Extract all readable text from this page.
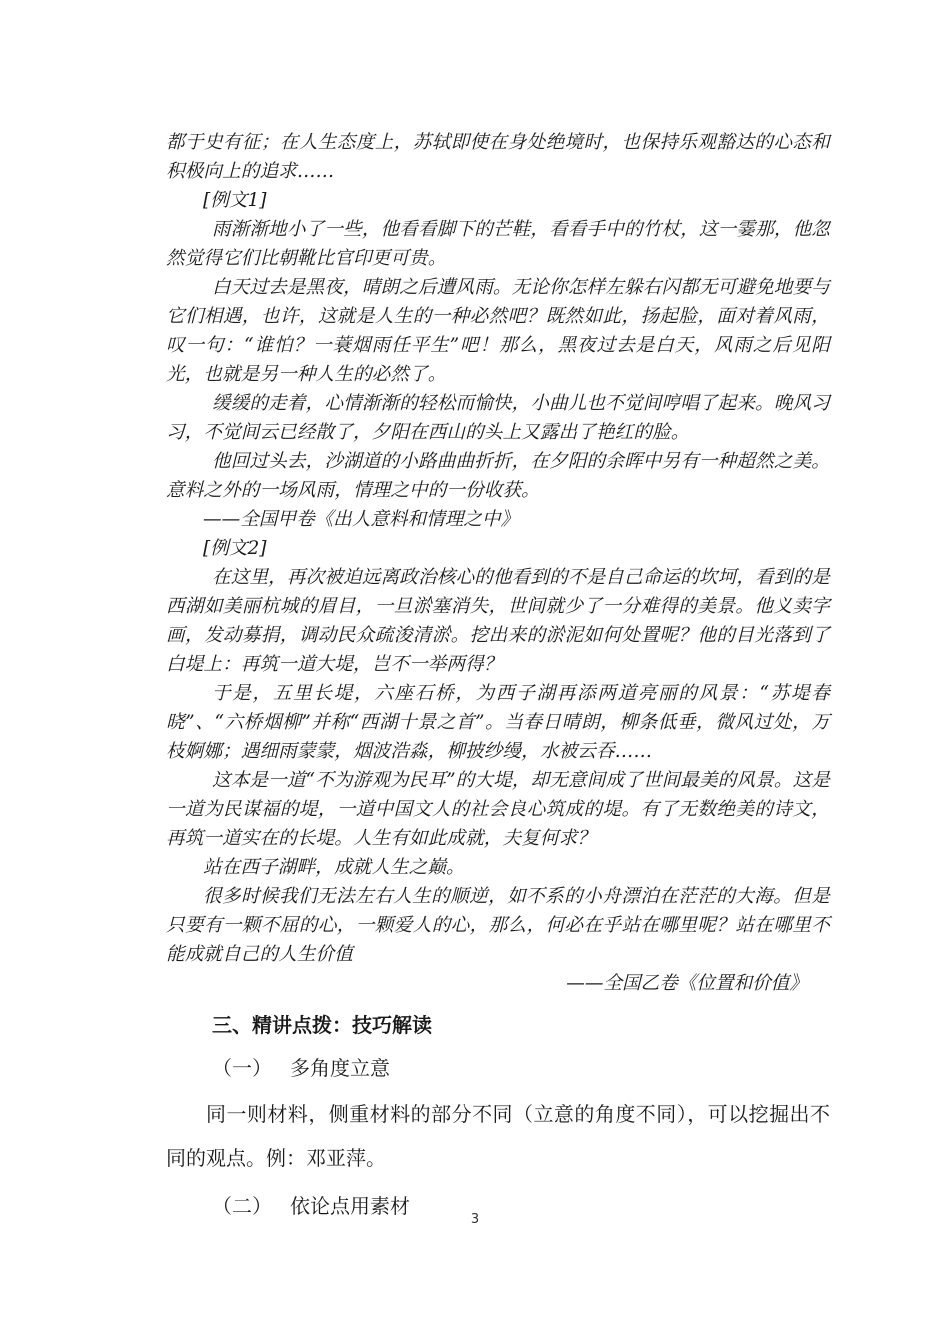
都于史有征；在人生态度上，苏轼即使在身处绝境时，也保持乐观豁达的心态和积极向上的追求……

[例文1]

雨渐渐地小了一些，他看看脚下的芒鞋，看看手中的竹杖，这一霎那，他忽然觉得它们比朝靴比官印更可贵。

白天过去是黑夜，晴朗之后遭风雨。无论你怎样左躲右闪都无可避免地要与它们相遇，也许，这就是人生的一种必然吧？既然如此，扬起脸，面对着风雨，叹一句：“谁怕？一蓑烟雨任平生”吧！那么，黑夜过去是白天，风雨之后见阳光，也就是另一种人生的必然了。

缓缓的走着，心情渐渐的轻松而愉快，小曲儿也不觉间哼唱了起来。晚风习习，不觉间云已经散了，夕阳在西山的头上又露出了艳红的脸。

他回过头去，沙湖道的小路曲曲折折，在夕阳的余晖中另有一种超然之美。意料之外的一场风雨，情理之中的一份收获。

——全国甲卷《出人意料和情理之中》

[例文2]

在这里，再次被迫远离政治核心的他看到的不是自己命运的坎坷，看到的是西湖如美丽杭城的眉目，一旦淤塞消失，世间就少了一分难得的美景。他义卖字画，发动募捐，调动民众疏浚清淤。挖出来的淤泥如何处置呢？他的目光落到了白堤上：再筑一道大堤，岂不一举两得？

于是，五里长堤，六座石桥，为西子湖再添两道亮丽的风景：“苏堤春晓”、“六桥烟柳”并称“西湖十景之首”。当春日晴朗，柳条低垂，微风过处，万枝婀娜；遇细雨蒙蒙，烟波浩淼，柳披纱缦，水被云吞……

这本是一道“不为游观为民耳”的大堤，却无意间成了世间最美的风景。这是一道为民谋福的堤，一道中国文人的社会良心筑成的堤。有了无数绝美的诗文，再筑一道实在的长堤。人生有如此成就，夫复何求？

站在西子湖畔，成就人生之巅。

很多时候我们无法左右人生的顺逆，如不系的小舟漂泊在茫茫的大海。但是只要有一颗不屈的心，一颗爱人的心，那么，何必在乎站在哪里呢？站在哪里不能成就自己的人生价值

——全国乙卷《位置和价值》

三、精讲点拨：技巧解读

（一） 多角度立意

同一则材料，侧重材料的部分不同（立意的角度不同），可以挖掘出不同的观点。例：邓亚萍。

（二） 依论点用素材

3
